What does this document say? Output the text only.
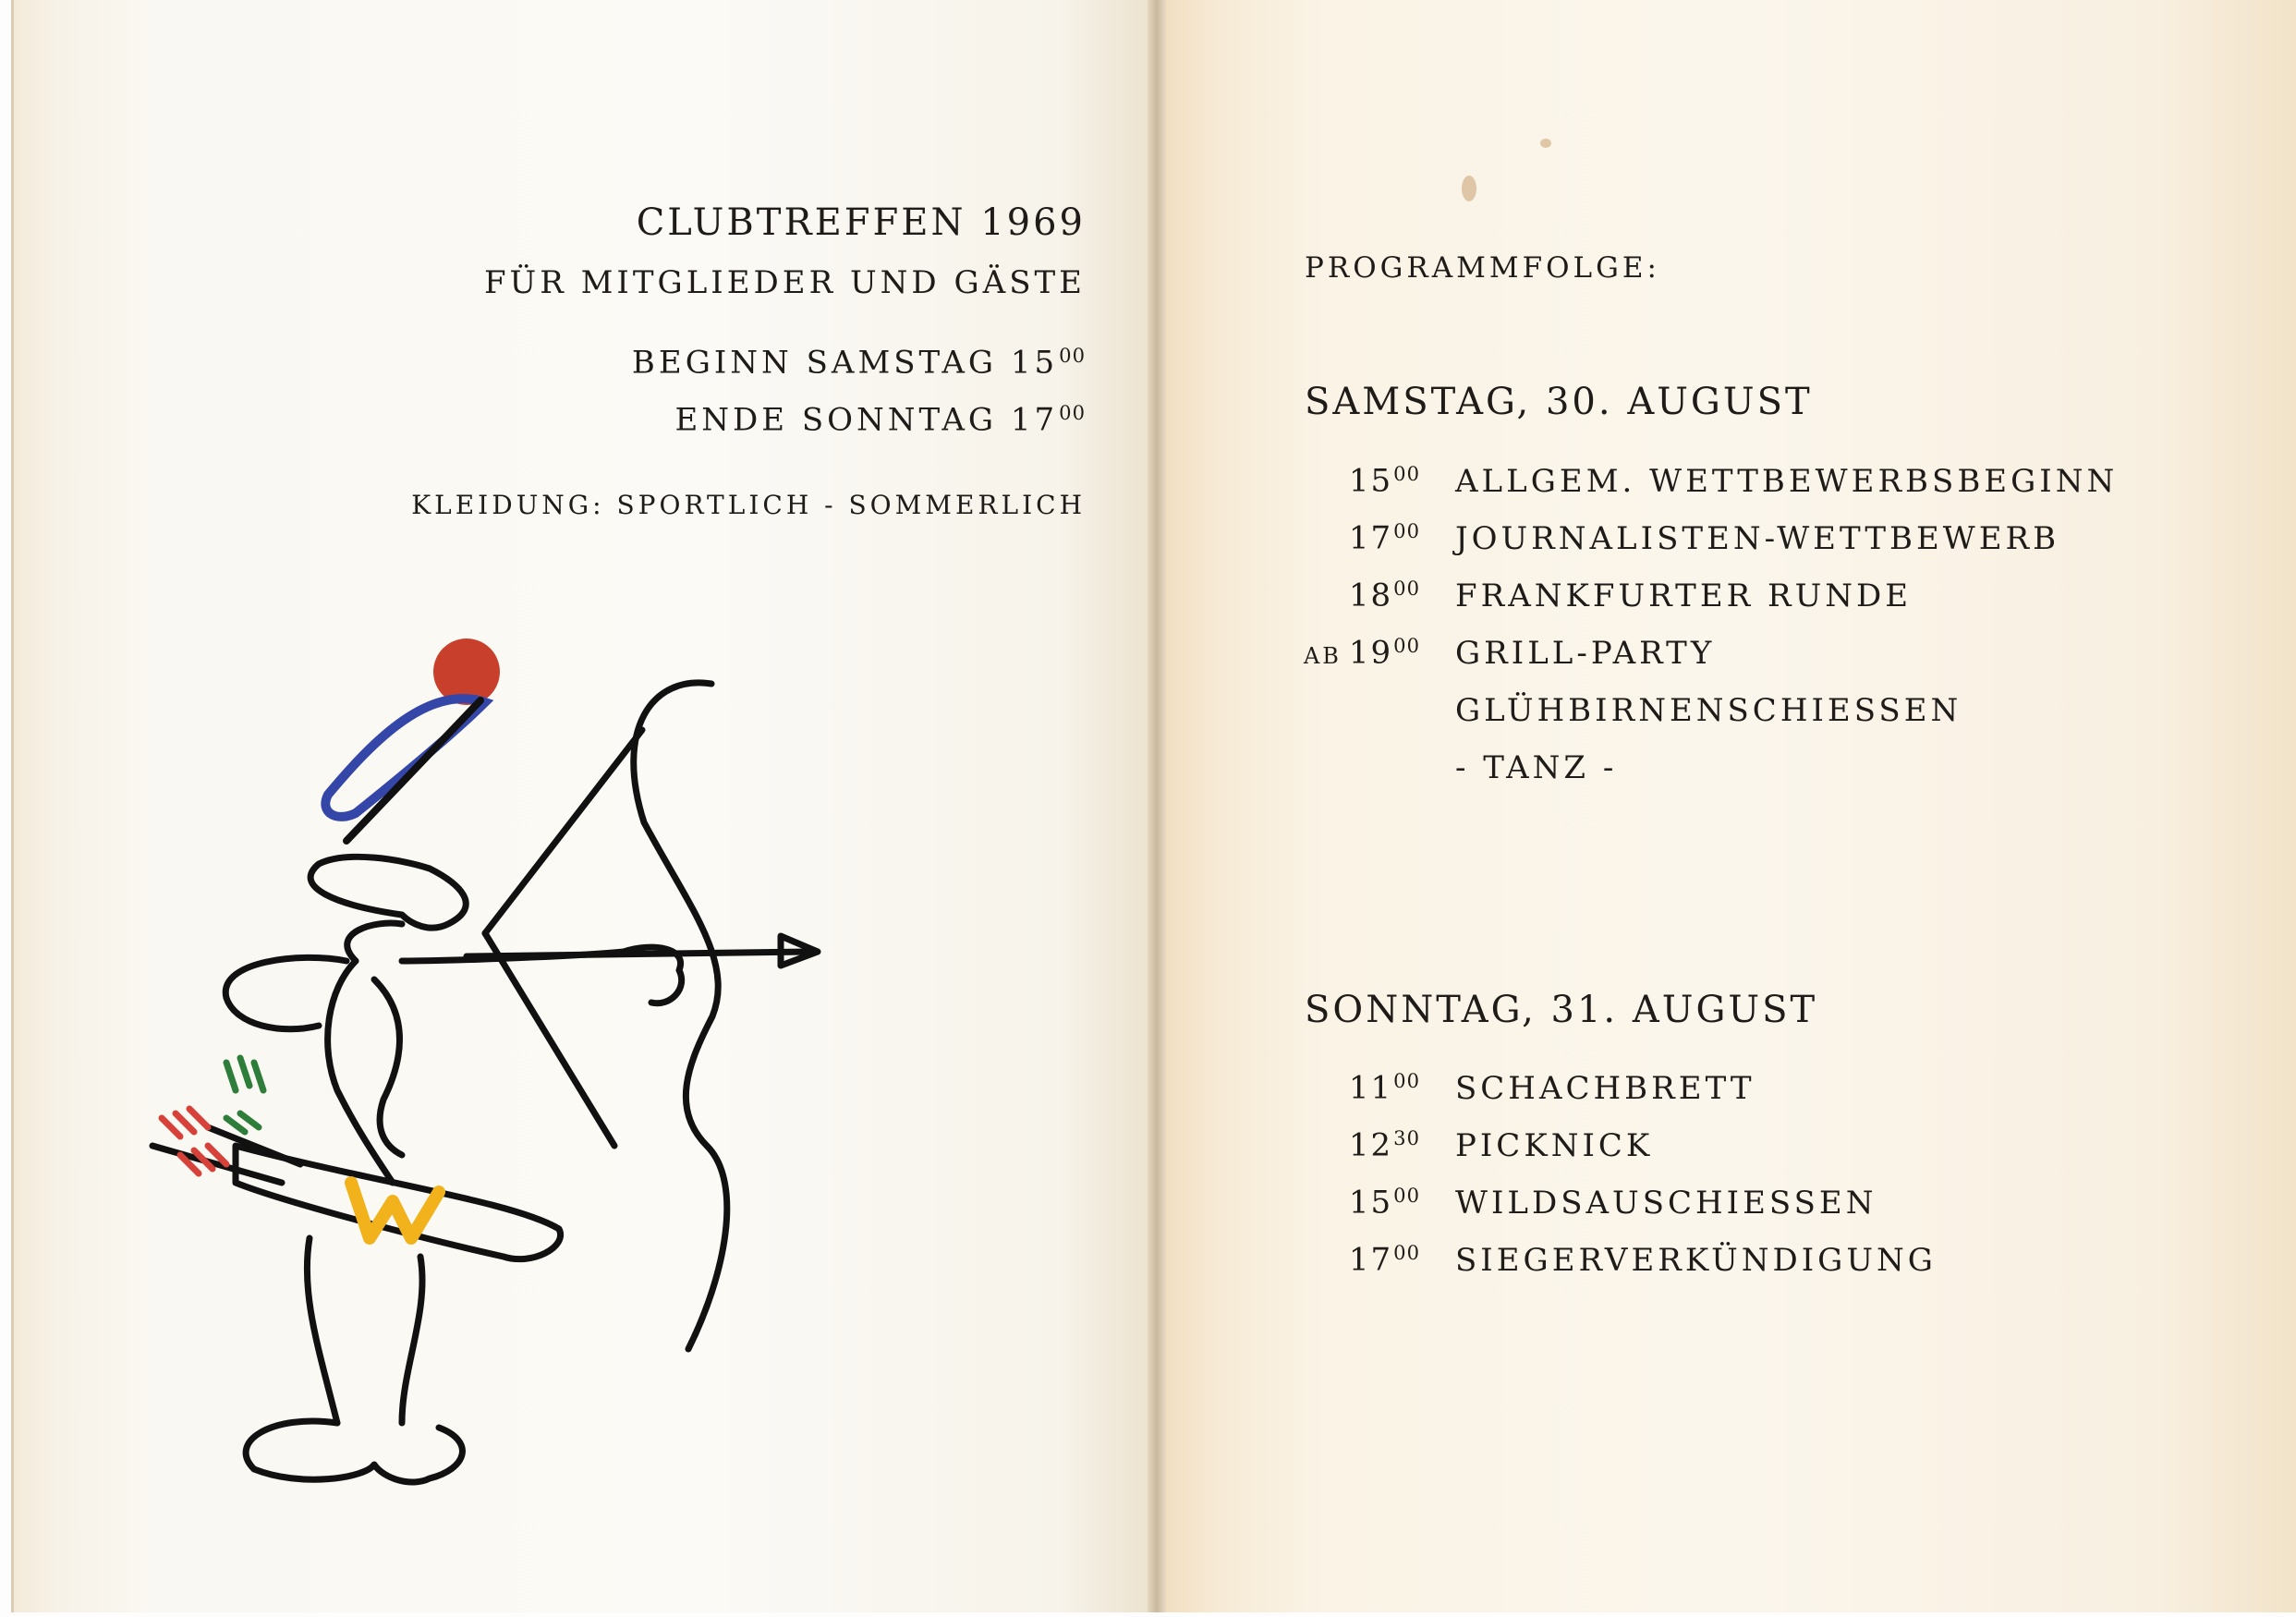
CLUBTREFFEN 1969
FÜR MITGLIEDER UND GÄSTE
BEGINN SAMSTAG $15^{00}$
ENDE SONNTAG $17^{00}$
KLEIDUNG: SPORTLICH - SOMMERLICH
PROGRAMMFOLGE:
SAMSTAG, 30. AUGUST
$15^{00}$ ALLGEM. WETTBEWERBSBEGINN
$17^{00}$ JOURNALISTEN-WETTBEWERB
$18^{00}$ FRANKFURTER RUNDE
AB $19^{00}$ GRILL-PARTY
GLÜHBIRNENSCHIESSEN
- TANZ -
SONNTAG, 31. AUGUST
$11^{00}$ SCHACHBRETT
$12^{30}$ PICKNICK
$15^{00}$ WILDSAUSCHIESSEN
$17^{00}$ SIEGERVERKÜNDIGUNG
